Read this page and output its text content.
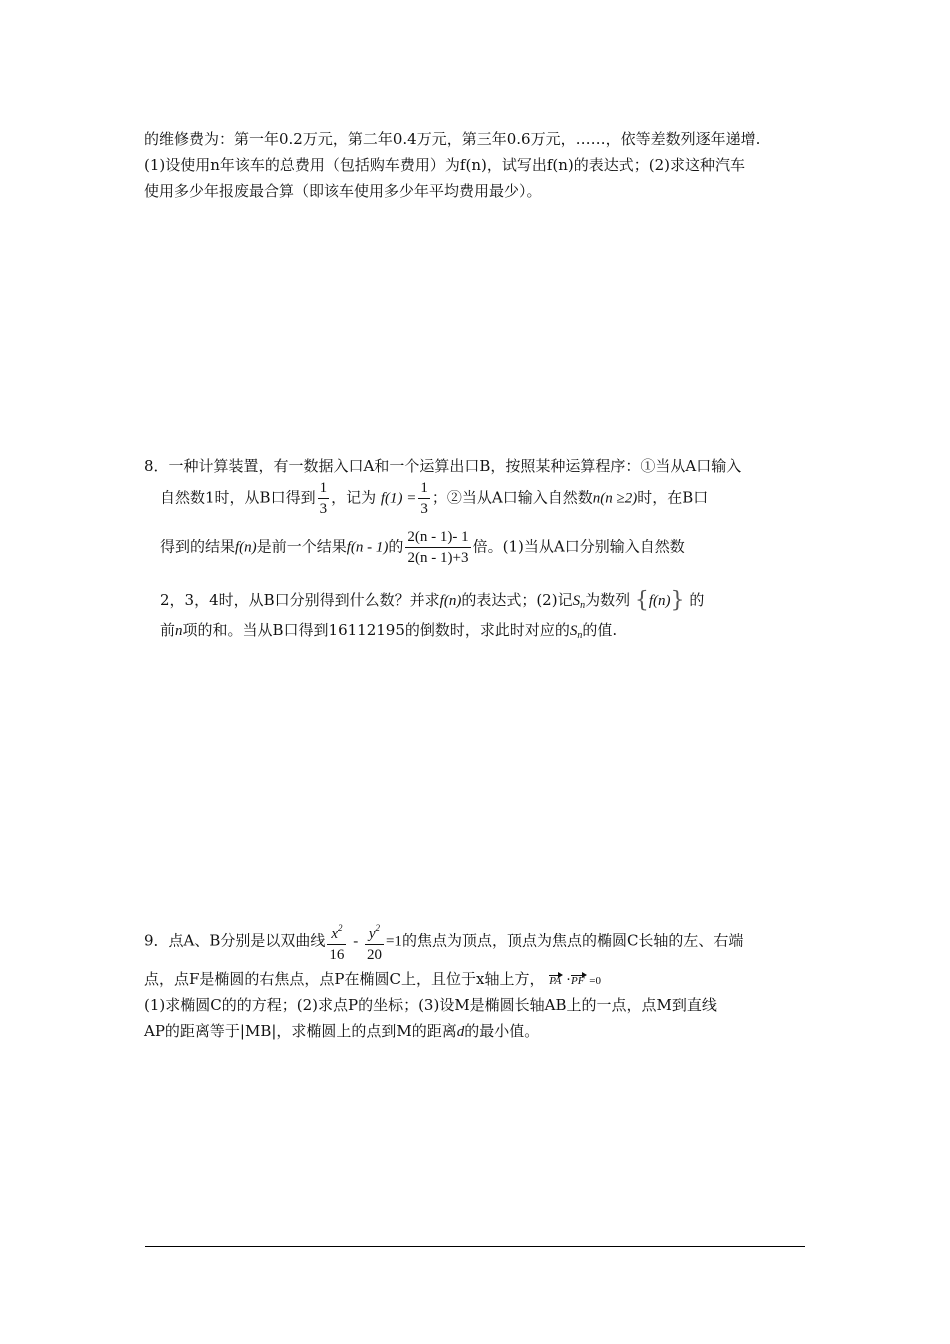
的维修费为：第一年0.2万元，第二年0.4万元，第三年0.6万元，……，依等差数列逐年递增.
(1)设使用n年该车的总费用（包括购车费用）为f(n)，试写出f(n)的表达式；(2)求这种汽车
使用多少年报废最合算（即该车使用多少年平均费用最少）。
8．一种计算装置，有一数据入口A和一个运算出口B，按照某种运算程序：①当从A口输入
自然数1时，从B口得到 $\frac{1}{3}$ ，记为 $f(1) = \frac{1}{3}$ ；②当从A口输入自然数n(n ≥2)时，在B口
得到的结果f(n)是前一个结果f(n - 1)的 $\frac{2(n - 1)- 1}{2(n - 1)+3}$ 倍。(1)当从A口分别输入自然数
2，3，4时，从B口分别得到什么数？并求f(n)的表达式；(2)记$S_n$为数列 {f(n)} 的
前n项的和。当从B口得到16112195的倒数时，求此时对应的$S_n$的值.
9．点A、B分别是以双曲线 $\frac{x^2}{16} - \frac{y^2}{20} =1$的焦点为顶点，顶点为焦点的椭圆C长轴的左、右端
点，点F是椭圆的右焦点，点P在椭圆C上，且位于x轴上方， PA ·PF =0
(1)求椭圆C的的方程；(2)求点P的坐标；(3)设M是椭圆长轴AB上的一点，点M到直线
AP的距离等于|MB|，求椭圆上的点到M的距离d的最小值。
